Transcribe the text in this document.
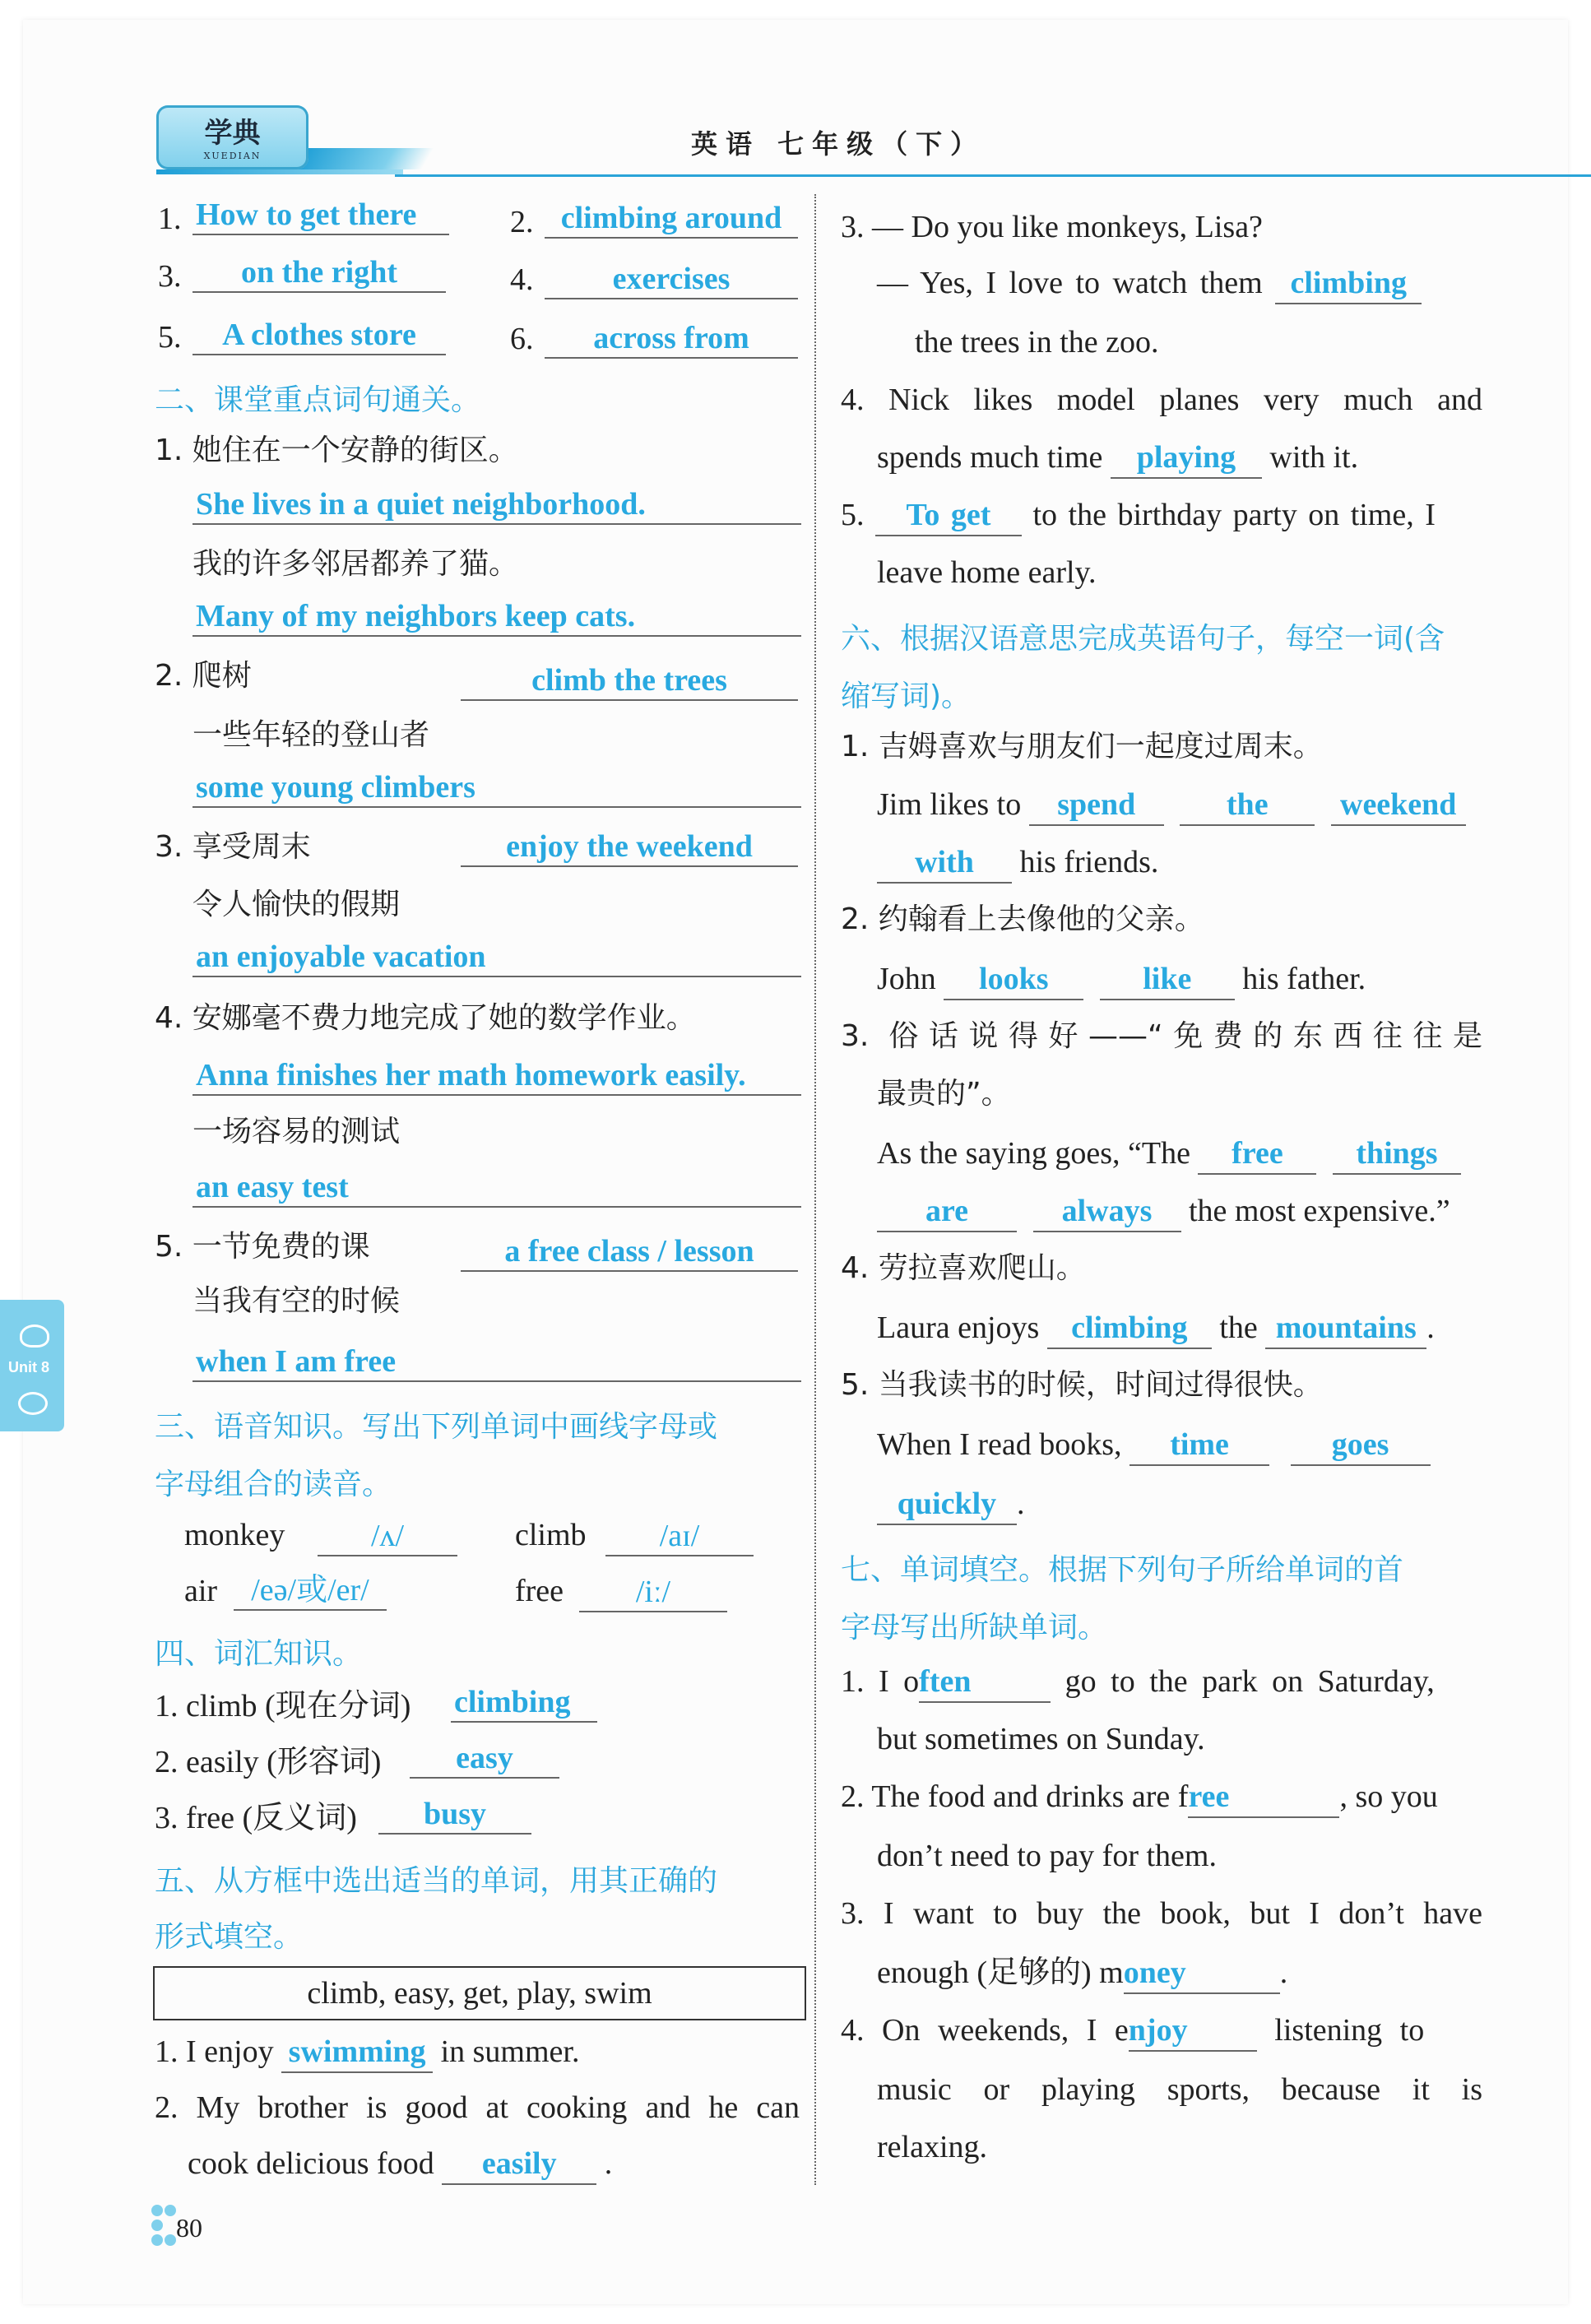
学典
XUEDIAN	英语 七年级（下）
Unit 8
1. How to get there	2. climbing around
3.	on the right	4.	exercises
5.	A clothes store	6.	across from
二、课堂重点词句通关。
1. 她住在一个安静的街区。
She lives in a quiet neighborhood.
我的许多邻居都养了猫。
Many of my neighbors keep cats.
2. 爬树	climb the trees
一些年轻的登山者
some young climbers
3. 享受周末	enjoy the weekend
令人愉快的假期
an enjoyable vacation
4. 安娜毫不费力地完成了她的数学作业。
Anna finishes her math homework easily.
一场容易的测试
an easy test
5. 一节免费的课	a free class / lesson
当我有空的时候
when I am free
三、语音知识。写出下列单词中画线字母或
字母组合的读音。
monkey	/ʌ/	climb	/aɪ/
air	/eə/或/er/	free	/iː/
四、词汇知识。
1. climb (现在分词) climbing
2. easily (形容词)	easy
3. free (反义词)	busy
五、从方框中选出适当的单词，用其正确的
形式填空。
climb, easy, get, play, swim
1. I enjoy swimming in summer.
2. My brother is good at cooking and he can
cook delicious food easily .
3. — Do you like monkeys, Lisa?
— Yes, I love to watch them climbing
the trees in the zoo.
4. Nick likes model planes very much and
spends much time playing with it.
5. To get to the birthday party on time, I
leave home early.
六、根据汉语意思完成英语句子，每空一词(含
缩写词)。
1. 吉姆喜欢与朋友们一起度过周末。
Jim likes to spend	the weekend
with his friends.
2. 约翰看上去像他的父亲。
John looks	like his father.
3. 俗话说得好——“免费的东西往往是
最贵的”。
As the saying goes, “The free things
are	always the most expensive.”
4. 劳拉喜欢爬山。
Laura enjoys climbing the mountains .
5. 当我读书的时候，时间过得很快。
When I read books, time	goes
quickly .
七、单词填空。根据下列句子所给单词的首
字母写出所缺单词。
1. I often	go to the park on Saturday,
but sometimes on Sunday.
2. The food and drinks are free	, so you
don’t need to pay for them.
3. I want to buy the book, but I don’t have
enough (足够的) money	.
4. On weekends, I enjoy	listening to
music or playing sports, because it is
relaxing.
80
